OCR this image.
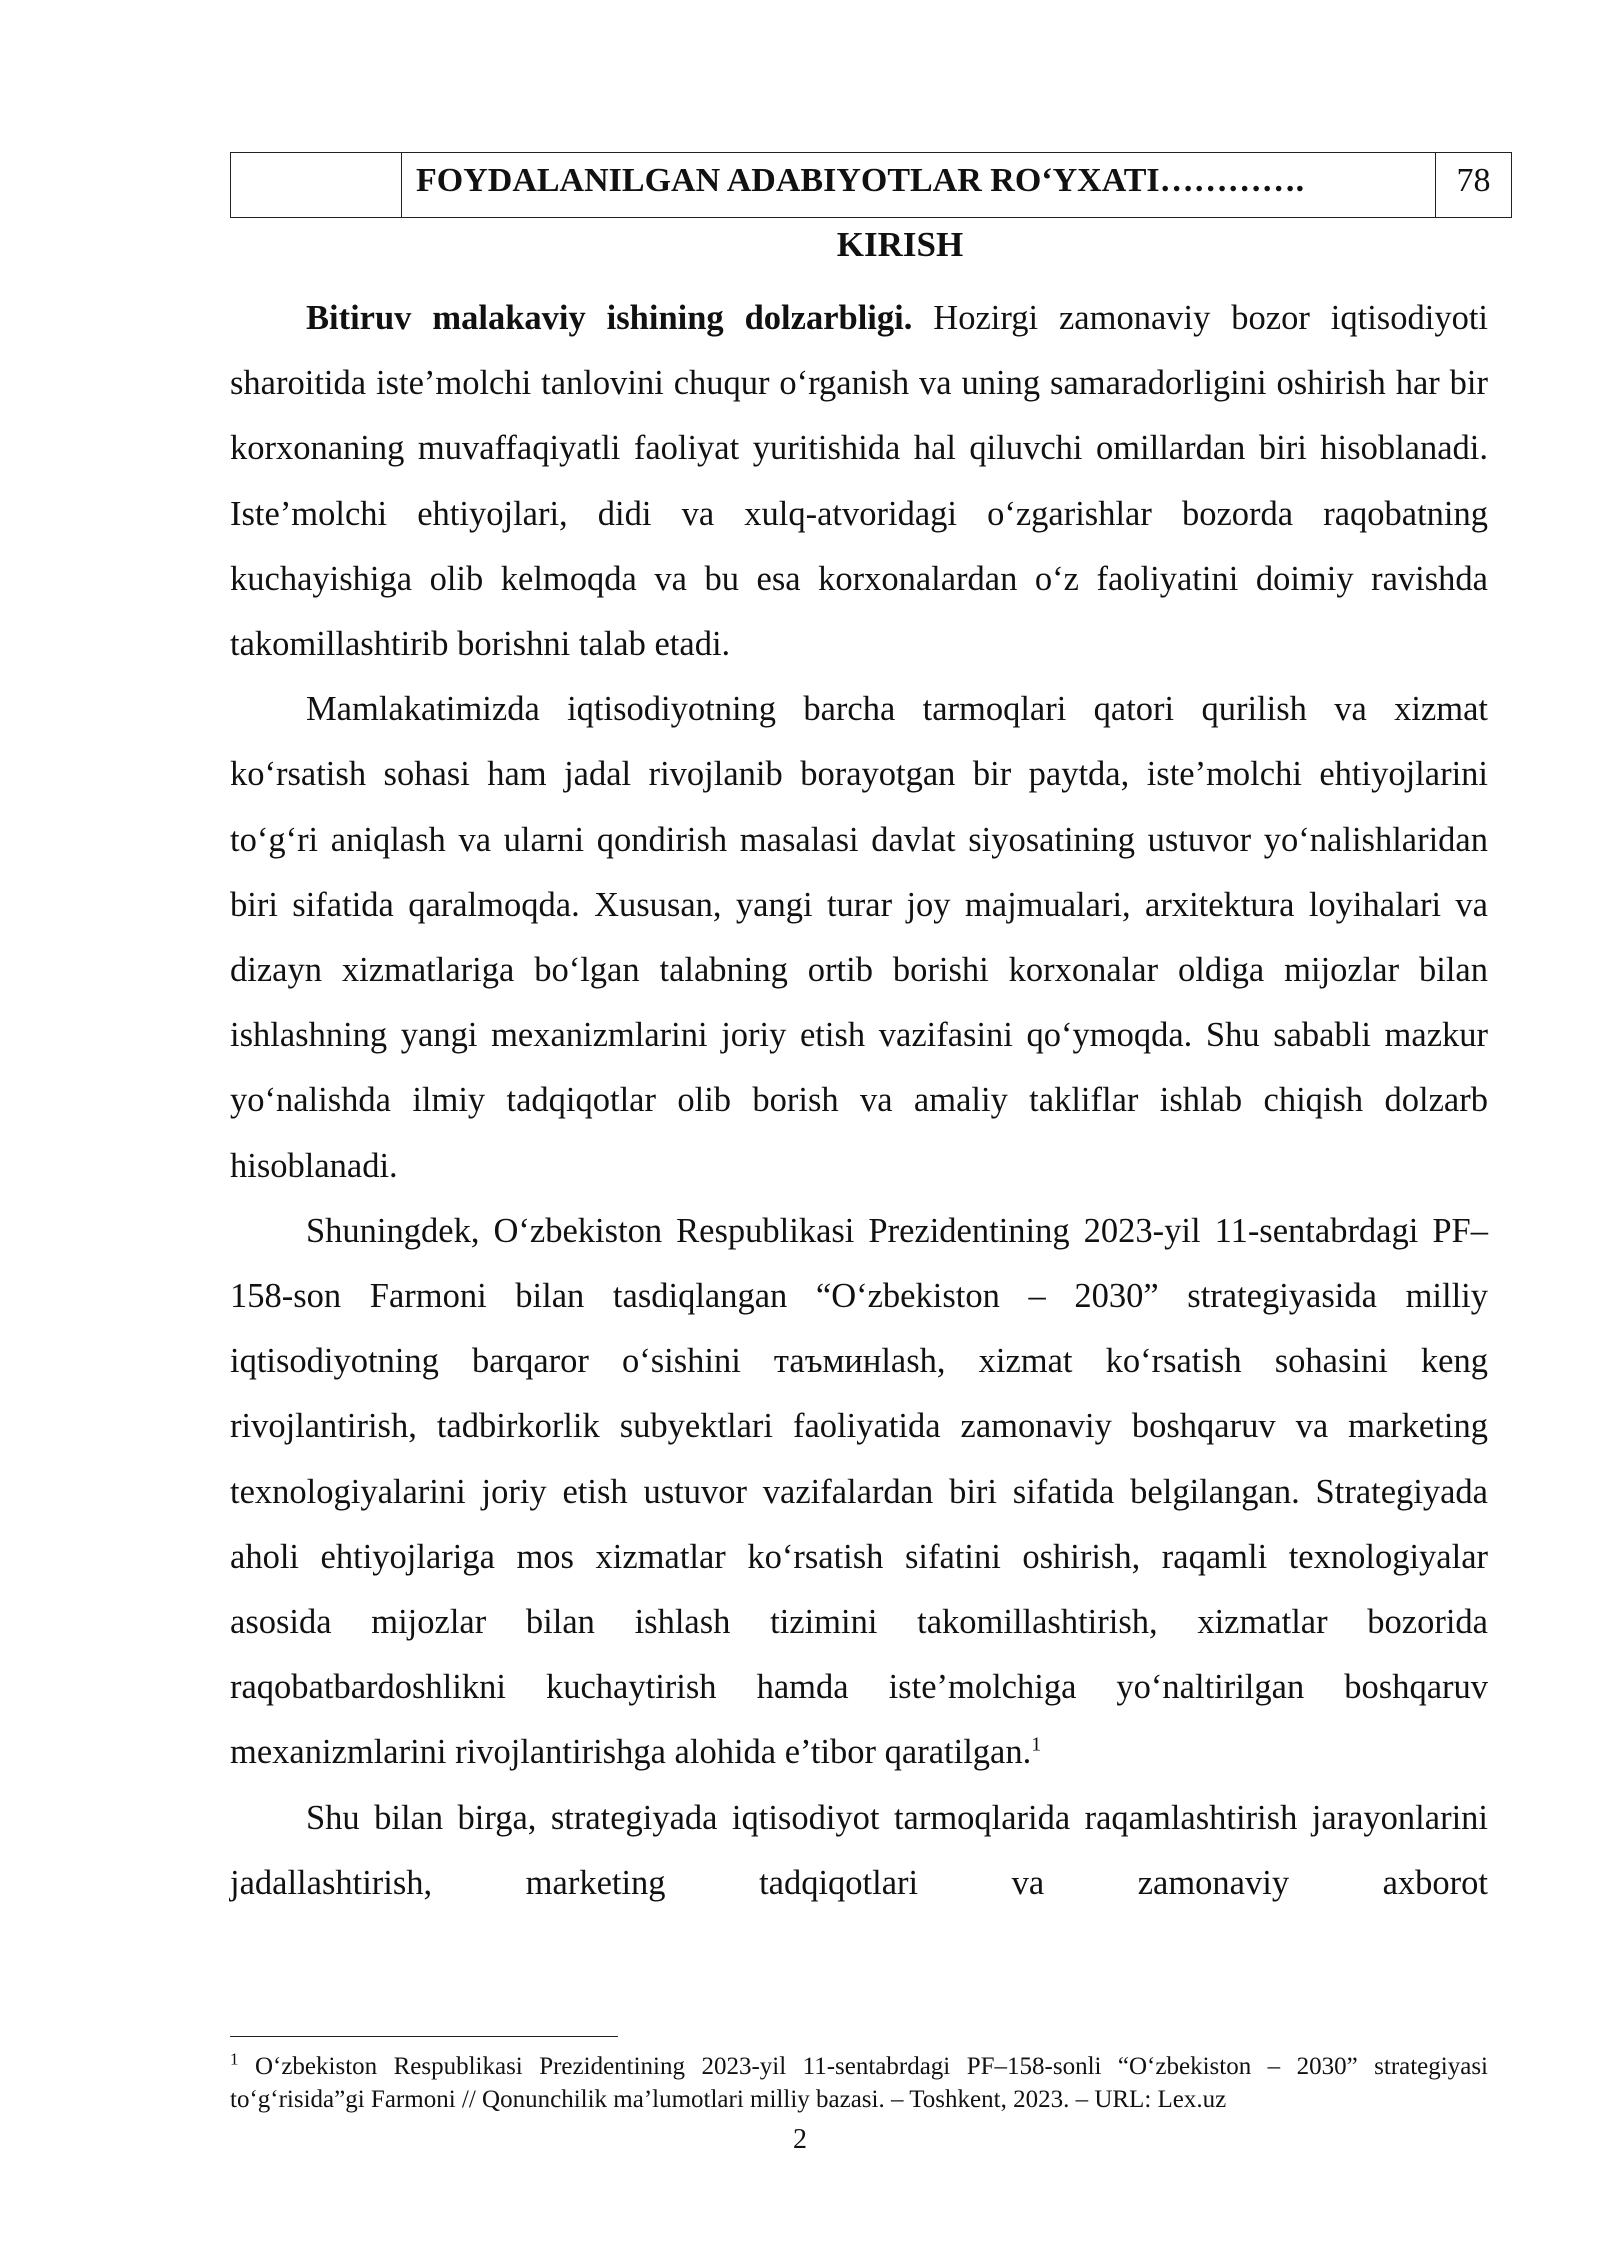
FOYDALANILGAN ADABIYOTLAR RO‘YXATI………….	78
KIRISH

Bitiruv malakaviy ishining dolzarbligi. Hozirgi zamonaviy bozor iqtisodiyoti sharoitida iste’molchi tanlovini chuqur o‘rganish va uning samaradorligini oshirish har bir korxonaning muvaffaqiyatli faoliyat yuritishida hal qiluvchi omillardan biri hisoblanadi. Iste’molchi ehtiyojlari, didi va xulq-atvoridagi o‘zgarishlar bozorda raqobatning kuchayishiga olib kelmoqda va bu esa korxonalardan o‘z faoliyatini doimiy ravishda takomillashtirib borishni talab etadi.

Mamlakatimizda iqtisodiyotning barcha tarmoqlari qatori qurilish va xizmat ko‘rsatish sohasi ham jadal rivojlanib borayotgan bir paytda, iste’molchi ehtiyojlarini to‘g‘ri aniqlash va ularni qondirish masalasi davlat siyosatining ustuvor yo‘nalishlaridan biri sifatida qaralmoqda. Xususan, yangi turar joy majmualari, arxitektura loyihalari va dizayn xizmatlariga bo‘lgan talabning ortib borishi korxonalar oldiga mijozlar bilan ishlashning yangi mexanizmlarini joriy etish vazifasini qo‘ymoqda. Shu sababli mazkur yo‘nalishda ilmiy tadqiqotlar olib borish va amaliy takliflar ishlab chiqish dolzarb hisoblanadi.

Shuningdek, O‘zbekiston Respublikasi Prezidentining 2023-yil 11-sentabrdagi PF–158-son Farmoni bilan tasdiqlangan “O‘zbekiston – 2030” strategiyasida milliy iqtisodiyotning barqaror o‘sishini таъминlash, xizmat ko‘rsatish sohasini keng rivojlantirish, tadbirkorlik subyektlari faoliyatida zamonaviy boshqaruv va marketing texnologiyalarini joriy etish ustuvor vazifalardan biri sifatida belgilangan. Strategiyada aholi ehtiyojlariga mos xizmatlar ko‘rsatish sifatini oshirish, raqamli texnologiyalar asosida mijozlar bilan ishlash tizimini takomillashtirish, xizmatlar bozorida raqobatbardoshlikni kuchaytirish hamda iste’molchiga yo‘naltirilgan boshqaruv mexanizmlarini rivojlantirishga alohida e’tibor qaratilgan.$^1$

Shu bilan birga, strategiyada iqtisodiyot tarmoqlarida raqamlashtirish jarayonlarini jadallashtirish, marketing tadqiqotlari va zamonaviy axborot

$^1$ O‘zbekiston Respublikasi Prezidentining 2023-yil 11-sentabrdagi PF–158-sonli “O‘zbekiston – 2030” strategiyasi to‘g‘risida”gi Farmoni // Qonunchilik ma’lumotlari milliy bazasi. – Toshkent, 2023. – URL: Lex.uz
2
